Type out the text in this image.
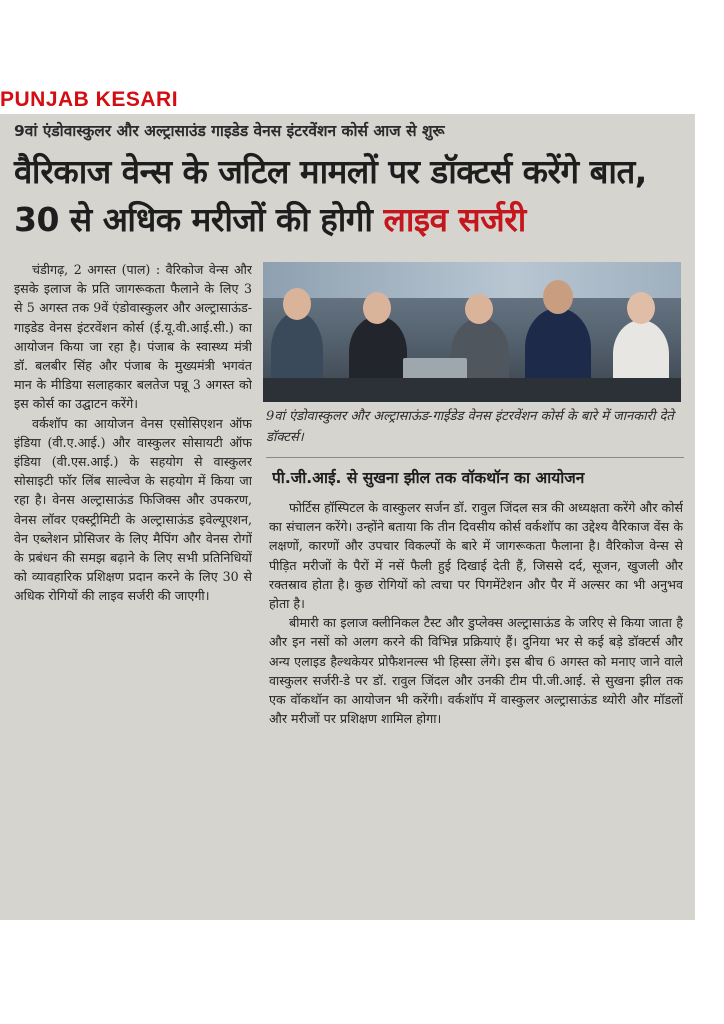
PUNJAB KESARI
9वां एंडोवास्कुलर और अल्ट्रासाउंड गाइडेड वेनस इंटरवेंशन कोर्स आज से शुरू
वैरिकाज वेन्स के जटिल मामलों पर डॉक्टर्स करेंगे बात, 30 से अधिक मरीजों की होगी लाइव सर्जरी

चंडीगढ़, 2 अगस्त (पाल) : वैरिकोज वेन्स और इसके इलाज के प्रति जागरूकता फैलाने के लिए 3 से 5 अगस्त तक 9वें एंडोवास्कुलर और अल्ट्रासाऊंड-गाइडेड वेनस इंटरवेंशन कोर्स (ई.यू.वी.आई.सी.) का आयोजन किया जा रहा है। पंजाब के स्वास्थ्य मंत्री डॉ. बलबीर सिंह और पंजाब के मुख्यमंत्री भगवंत मान के मीडिया सलाहकार बलतेज पन्नू 3 अगस्त को इस कोर्स का उद्घाटन करेंगे।

वर्कशॉप का आयोजन वेनस एसोसिएशन ऑफ इंडिया (वी.ए.आई.) और वास्कुलर सोसायटी ऑफ इंडिया (वी.एस.आई.) के सहयोग से वास्कुलर सोसाइटी फॉर लिंब साल्वेज के सहयोग में किया जा रहा है। वेनस अल्ट्रासाऊंड फिजिक्स और उपकरण, वेनस लॉवर एक्स्ट्रीमिटी के अल्ट्रासाऊंड इवेल्यूएशन, वेन एब्लेशन प्रोसिजर के लिए मैपिंग और वेनस रोगों के प्रबंधन की समझ बढ़ाने के लिए सभी प्रतिनिधियों को व्यावहारिक प्रशिक्षण प्रदान करने के लिए 30 से अधिक रोगियों की लाइव सर्जरी की जाएगी।

9वां एंडोवास्कुलर और अल्ट्रासाऊंड-गाईडेड वेनस इंटरवेंशन कोर्स के बारे में जानकारी देते डॉक्टर्स।
पी.जी.आई. से सुखना झील तक वॉकथॉन का आयोजन

फोर्टिस हॉस्पिटल के वास्कुलर सर्जन डॉ. रावुल जिंदल सत्र की अध्यक्षता करेंगे और कोर्स का संचालन करेंगे। उन्होंने बताया कि तीन दिवसीय कोर्स वर्कशॉप का उद्देश्य वैरिकाज वेंस के लक्षणों, कारणों और उपचार विकल्पों के बारे में जागरूकता फैलाना है। वैरिकोज वेन्स से पीड़ित मरीजों के पैरों में नसें फैली हुई दिखाई देती हैं, जिससे दर्द, सूजन, खुजली और रक्तस्राव होता है। कुछ रोगियों को त्वचा पर पिगमेंटेशन और पैर में अल्सर का भी अनुभव होता है।

बीमारी का इलाज क्लीनिकल टैस्ट और डुप्लेक्स अल्ट्रासाऊंड के जरिए से किया जाता है और इन नसों को अलग करने की विभिन्न प्रक्रियाएं हैं। दुनिया भर से कई बड़े डॉक्टर्स और अन्य एलाइड हैल्थकेयर प्रोफैशनल्स भी हिस्सा लेंगे। इस बीच 6 अगस्त को मनाए जाने वाले वास्कुलर सर्जरी-डे पर डॉ. रावुल जिंदल और उनकी टीम पी.जी.आई. से सुखना झील तक एक वॉकथॉन का आयोजन भी करेंगी। वर्कशॉप में वास्कुलर अल्ट्रासाऊंड थ्योरी और मॉडलों और मरीजों पर प्रशिक्षण शामिल होगा।
